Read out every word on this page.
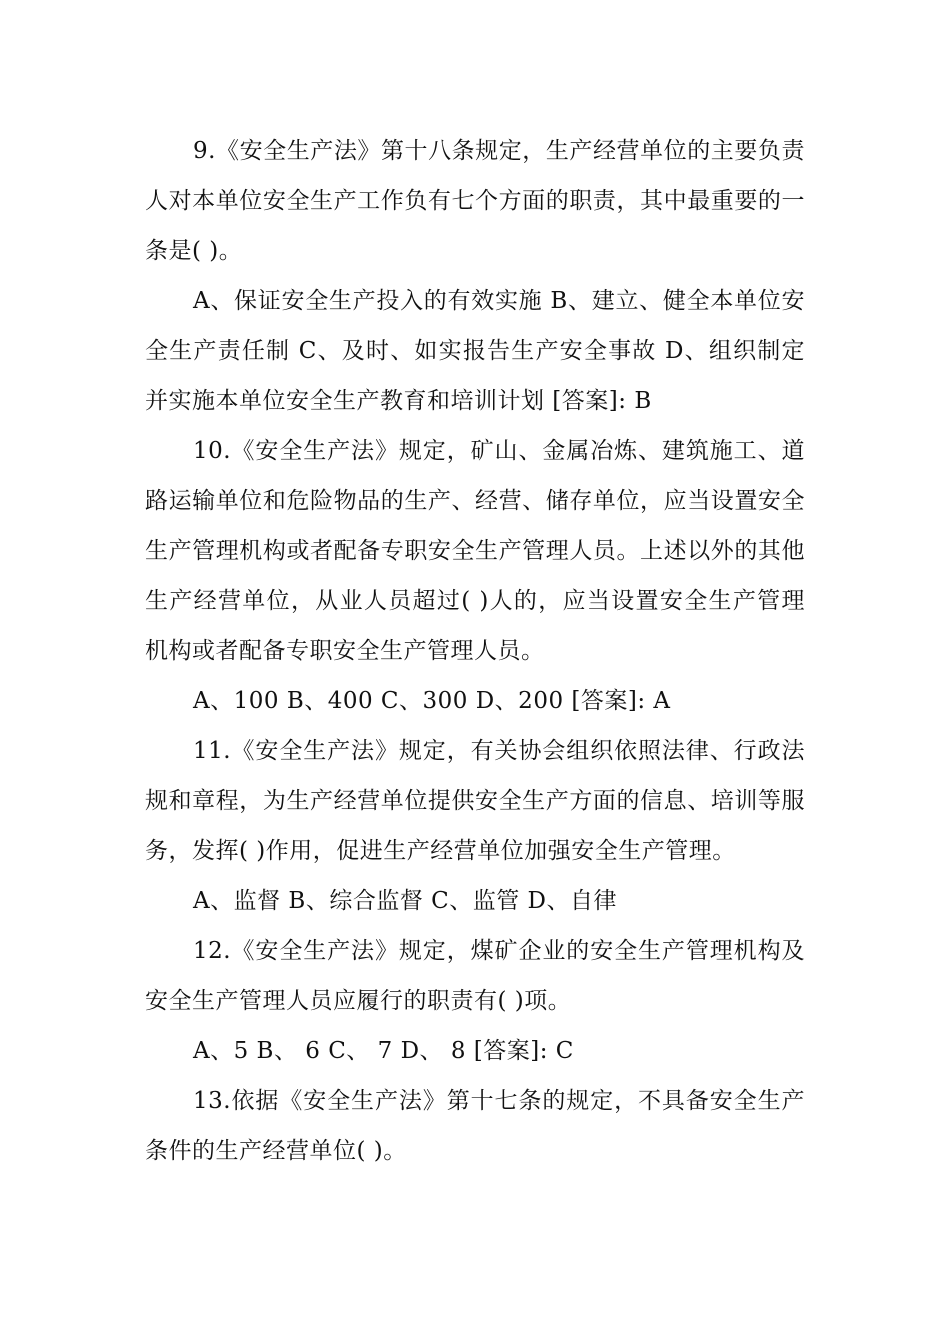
9.《安全生产法》第十八条规定，生产经营单位的主要负责人对本单位安全生产工作负有七个方面的职责，其中最重要的一条是( )。

A、保证安全生产投入的有效实施 B、建立、健全本单位安全生产责任制 C、及时、如实报告生产安全事故 D、组织制定并实施本单位安全生产教育和培训计划 [答案]: B

10.《安全生产法》规定，矿山、金属冶炼、建筑施工、道路运输单位和危险物品的生产、经营、储存单位，应当设置安全生产管理机构或者配备专职安全生产管理人员。上述以外的其他生产经营单位，从业人员超过( )人的，应当设置安全生产管理机构或者配备专职安全生产管理人员。

A、100 B、400 C、300 D、200 [答案]: A

11.《安全生产法》规定，有关协会组织依照法律、行政法规和章程，为生产经营单位提供安全生产方面的信息、培训等服务，发挥( )作用，促进生产经营单位加强安全生产管理。

A、监督 B、综合监督 C、监管 D、自律

12.《安全生产法》规定，煤矿企业的安全生产管理机构及安全生产管理人员应履行的职责有( )项。

A、5 B、 6 C、 7 D、 8 [答案]: C

13.依据《安全生产法》第十七条的规定，不具备安全生产条件的生产经营单位( )。
